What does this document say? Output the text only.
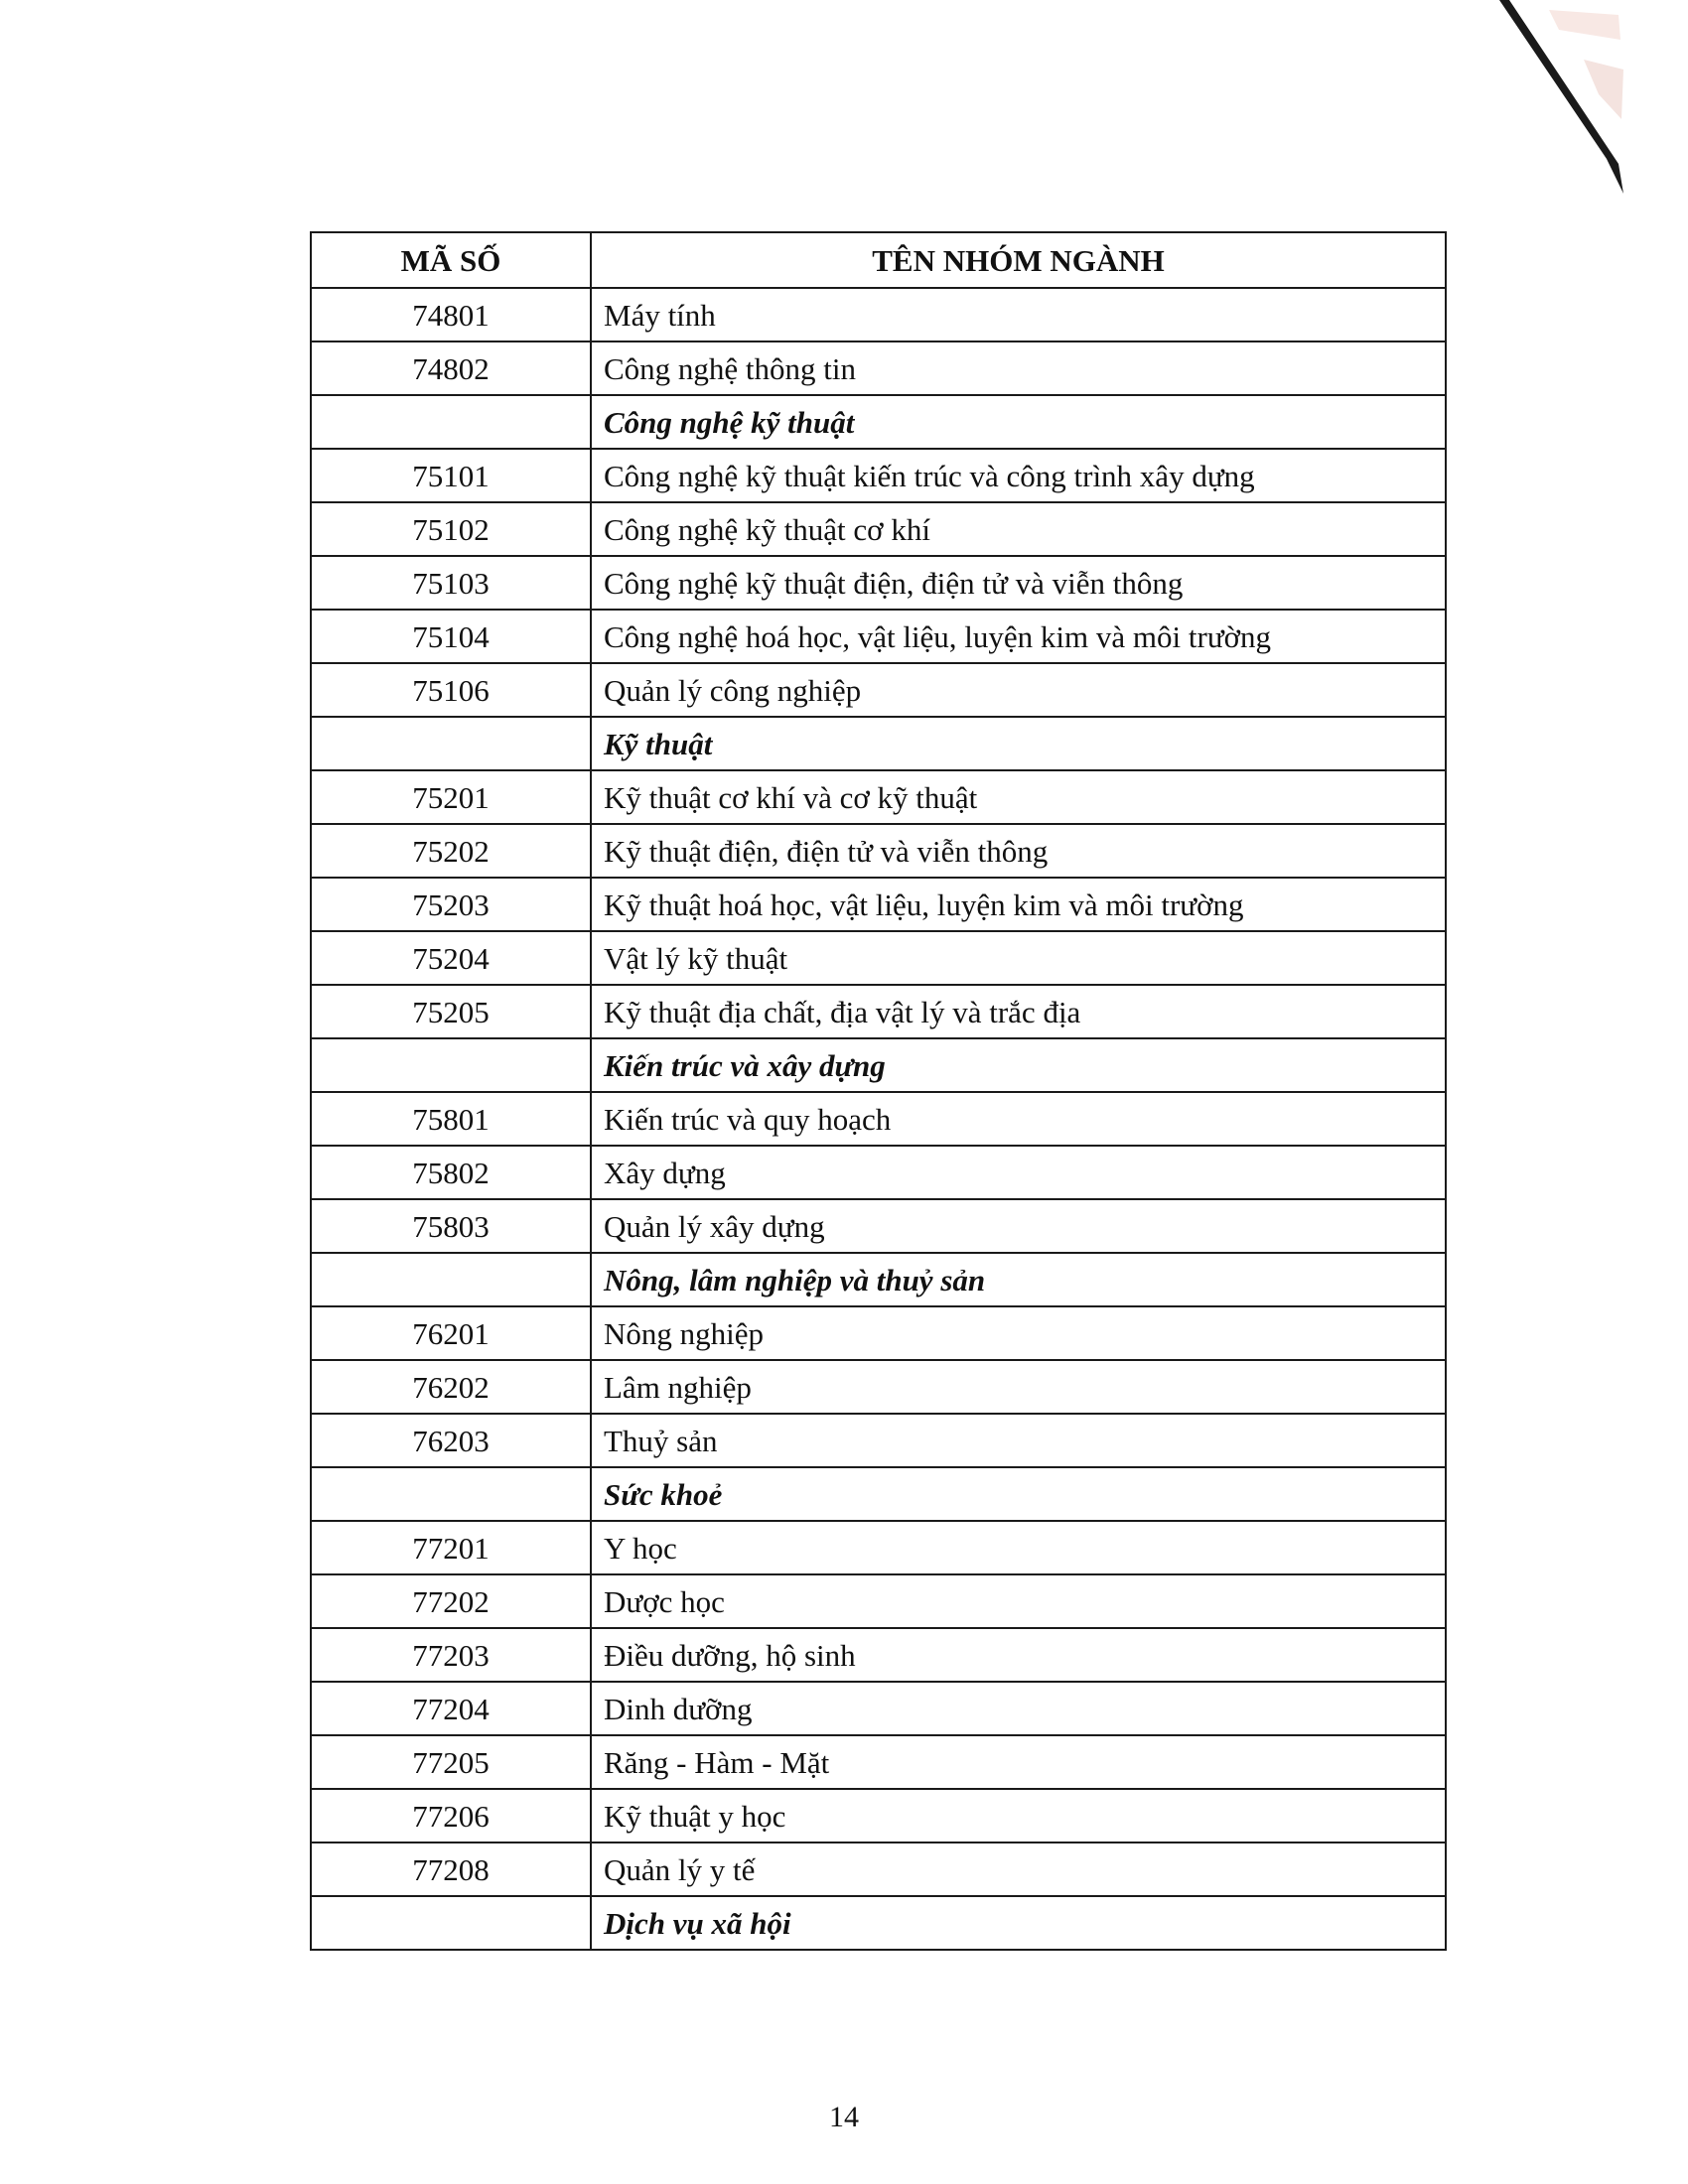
MÃ SỐ	TÊN NHÓM NGÀNH
74801	Máy tính
74802	Công nghệ thông tin
	Công nghệ kỹ thuật
75101	Công nghệ kỹ thuật kiến trúc và công trình xây dựng
75102	Công nghệ kỹ thuật cơ khí
75103	Công nghệ kỹ thuật điện, điện tử và viễn thông
75104	Công nghệ hoá học, vật liệu, luyện kim và môi trường
75106	Quản lý công nghiệp
	Kỹ thuật
75201	Kỹ thuật cơ khí và cơ kỹ thuật
75202	Kỹ thuật điện, điện tử và viễn thông
75203	Kỹ thuật hoá học, vật liệu, luyện kim và môi trường
75204	Vật lý kỹ thuật
75205	Kỹ thuật địa chất, địa vật lý và trắc địa
	Kiến trúc và xây dựng
75801	Kiến trúc và quy hoạch
75802	Xây dựng
75803	Quản lý xây dựng
	Nông, lâm nghiệp và thuỷ sản
76201	Nông nghiệp
76202	Lâm nghiệp
76203	Thuỷ sản
	Sức khoẻ
77201	Y học
77202	Dược học
77203	Điều dưỡng, hộ sinh
77204	Dinh dưỡng
77205	Răng - Hàm - Mặt
77206	Kỹ thuật y học
77208	Quản lý y tế
	Dịch vụ xã hội
14
